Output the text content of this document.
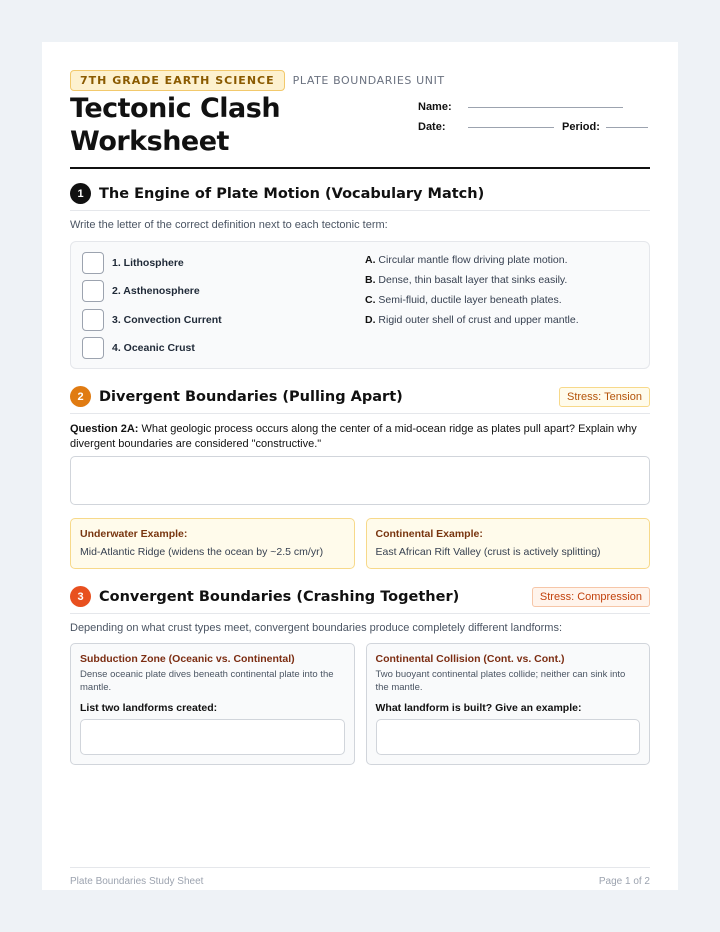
7TH GRADE EARTH SCIENCE	PLATE BOUNDARIES UNIT
Tectonic Clash
Worksheet
Name:
Date:	Period:
1	The Engine of Plate Motion (Vocabulary Match)
Write the letter of the correct definition next to each tectonic term:
1. Lithosphere
2. Asthenosphere
3. Convection Current
4. Oceanic Crust
A. Circular mantle flow driving plate motion.
B. Dense, thin basalt layer that sinks easily.
C. Semi-fluid, ductile layer beneath plates.
D. Rigid outer shell of crust and upper mantle.
2	Divergent Boundaries (Pulling Apart)	Stress: Tension
Question 2A: What geologic process occurs along the center of a mid-ocean ridge as plates pull apart? Explain why divergent boundaries are considered "constructive."
Underwater Example:
Mid-Atlantic Ridge (widens the ocean by ~2.5 cm/yr)
Continental Example:
East African Rift Valley (crust is actively splitting)
3	Convergent Boundaries (Crashing Together)	Stress: Compression
Depending on what crust types meet, convergent boundaries produce completely different landforms:
Subduction Zone (Oceanic vs. Continental)
Dense oceanic plate dives beneath continental plate into the mantle.
List two landforms created:
Continental Collision (Cont. vs. Cont.)
Two buoyant continental plates collide; neither can sink into the mantle.
What landform is built? Give an example:
Plate Boundaries Study Sheet	Page 1 of 2
